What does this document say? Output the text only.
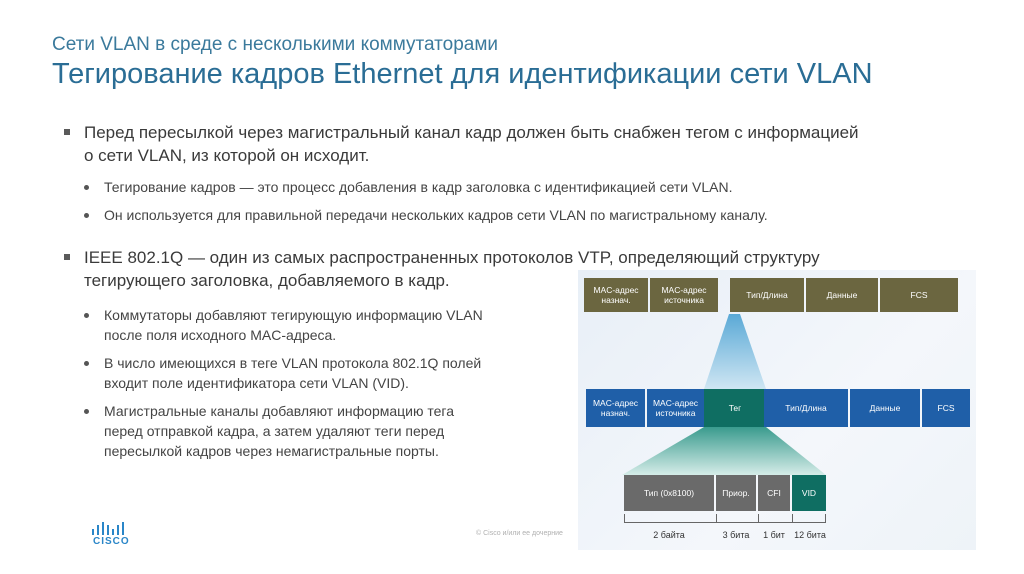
Сети VLAN в среде с несколькими коммутаторами
Тегирование кадров Ethernet для идентификации сети VLAN
Перед пересылкой через магистральный канал кадр должен быть снабжен тегом с информацией
о сети VLAN, из которой он исходит.
Тегирование кадров — это процесс добавления в кадр заголовка с идентификацией сети VLAN.
Он используется для правильной передачи нескольких кадров сети VLAN по магистральному каналу.
IEEE 802.1Q — один из самых распространенных протоколов VTP, определяющий структуру
тегирующего заголовка, добавляемого в кадр.
Коммутаторы добавляют тегирующую информацию VLAN
после поля исходного MAC-адреса.
В число имеющихся в теге VLAN протокола 802.1Q полей
входит поле идентификатора сети VLAN (VID).
Магистральные каналы добавляют информацию тега
перед отправкой кадра, а затем удаляют теги перед
пересылкой кадров через немагистральные порты.
MAC-адрес
назнач.
MAC-адрес
источника	Тип/Длина	Данные	FCS
MAC-адрес
назнач.
MAC-адрес
источника	Тег	Тип/Длина	Данные	FCS
Тип (0x8100)	Приор.	CFI	VID
2 байта	3 бита	1 бит	12 бита
© Cisco и/или ее дочерние
CISCO
